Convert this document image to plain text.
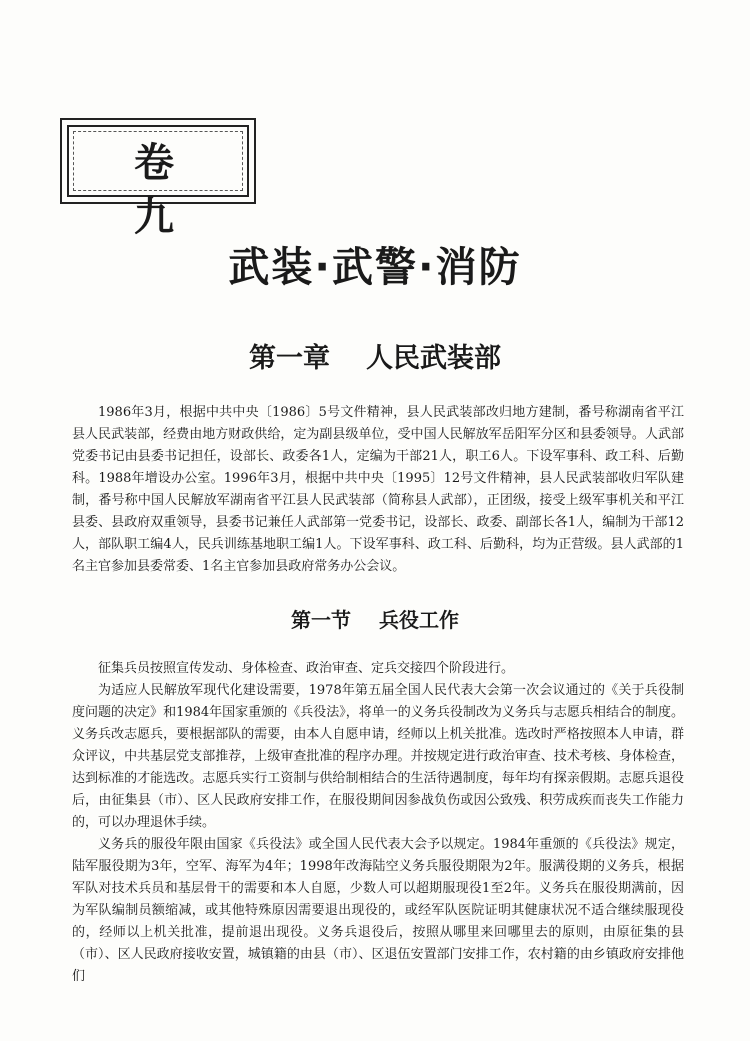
卷 九
武装·武警·消防
第一章 人民武装部

1986年3月，根据中共中央〔1986〕5号文件精神，县人民武装部改归地方建制，番号称湖南省平江县人民武装部，经费由地方财政供给，定为副县级单位，受中国人民解放军岳阳军分区和县委领导。人武部党委书记由县委书记担任，设部长、政委各1人，定编为干部21人，职工6人。下设军事科、政工科、后勤科。1988年增设办公室。1996年3月，根据中共中央〔1995〕12号文件精神，县人民武装部收归军队建制，番号称中国人民解放军湖南省平江县人民武装部（简称县人武部），正团级，接受上级军事机关和平江县委、县政府双重领导，县委书记兼任人武部第一党委书记，设部长、政委、副部长各1人，编制为干部12人，部队职工编4人，民兵训练基地职工编1人。下设军事科、政工科、后勤科，均为正营级。县人武部的1名主官参加县委常委、1名主官参加县政府常务办公会议。

第一节 兵役工作

征集兵员按照宣传发动、身体检查、政治审查、定兵交接四个阶段进行。

为适应人民解放军现代化建设需要，1978年第五届全国人民代表大会第一次会议通过的《关于兵役制度问题的决定》和1984年国家重颁的《兵役法》，将单一的义务兵役制改为义务兵与志愿兵相结合的制度。义务兵改志愿兵，要根据部队的需要，由本人自愿申请，经师以上机关批准。选改时严格按照本人申请，群众评议，中共基层党支部推荐，上级审查批准的程序办理。并按规定进行政治审查、技术考核、身体检查，达到标准的才能选改。志愿兵实行工资制与供给制相结合的生活待遇制度，每年均有探亲假期。志愿兵退役后，由征集县（市）、区人民政府安排工作，在服役期间因参战负伤或因公致残、积劳成疾而丧失工作能力的，可以办理退休手续。

义务兵的服役年限由国家《兵役法》或全国人民代表大会予以规定。1984年重颁的《兵役法》规定，陆军服役期为3年，空军、海军为4年；1998年改海陆空义务兵服役期限为2年。服满役期的义务兵，根据军队对技术兵员和基层骨干的需要和本人自愿，少数人可以超期服现役1至2年。义务兵在服役期满前，因为军队编制员额缩减，或其他特殊原因需要退出现役的，或经军队医院证明其健康状况不适合继续服现役的，经师以上机关批准，提前退出现役。义务兵退役后，按照从哪里来回哪里去的原则，由原征集的县（市）、区人民政府接收安置，城镇籍的由县（市）、区退伍安置部门安排工作，农村籍的由乡镇政府安排他们
